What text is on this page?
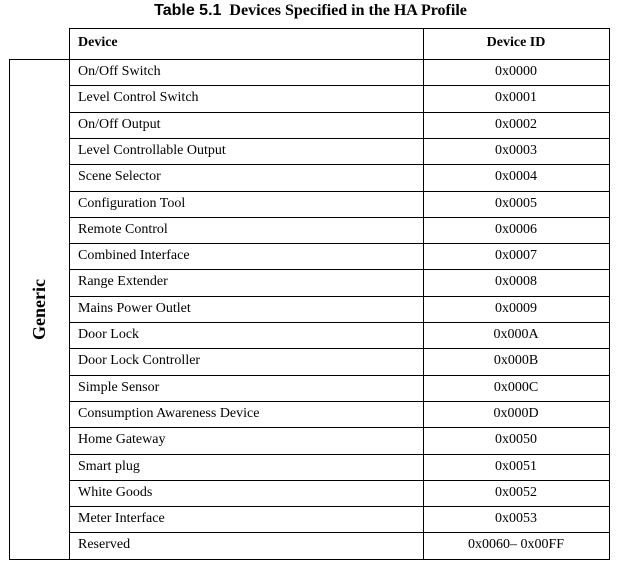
Table 5.1 Devices Specified in the HA Profile
Device	Device ID
Generic
On/Off Switch	0x0000
Level Control Switch	0x0001
On/Off Output	0x0002
Level Controllable Output	0x0003
Scene Selector	0x0004
Configuration Tool	0x0005
Remote Control	0x0006
Combined Interface	0x0007
Range Extender	0x0008
Mains Power Outlet	0x0009
Door Lock	0x000A
Door Lock Controller	0x000B
Simple Sensor	0x000C
Consumption Awareness Device	0x000D
Home Gateway	0x0050
Smart plug	0x0051
White Goods	0x0052
Meter Interface	0x0053
Reserved	0x0060– 0x00FF
